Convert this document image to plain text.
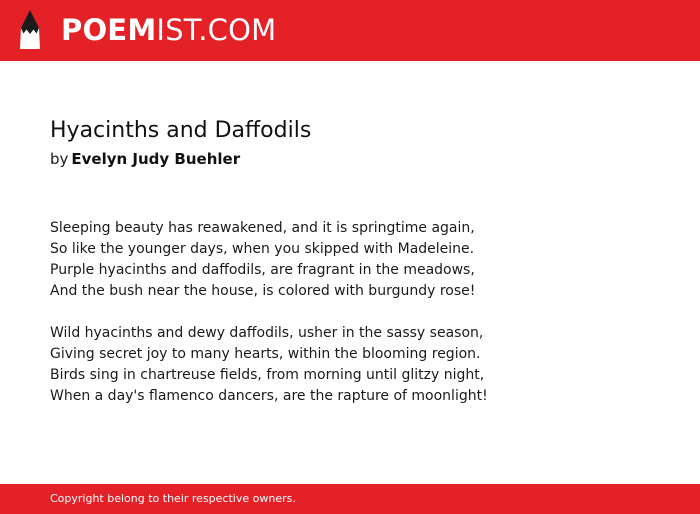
POEM IST.COM
Hyacinths and Daffodils
by Evelyn Judy Buehler

Sleeping beauty has reawakened, and it is springtime again,
So like the younger days, when you skipped with Madeleine.
Purple hyacinths and daffodils, are fragrant in the meadows,
And the bush near the house, is colored with burgundy rose!

Wild hyacinths and dewy daffodils, usher in the sassy season,
Giving secret joy to many hearts, within the blooming region.
Birds sing in chartreuse fields, from morning until glitzy night,
When a day's flamenco dancers, are the rapture of moonlight!

Copyright belong to their respective owners.
